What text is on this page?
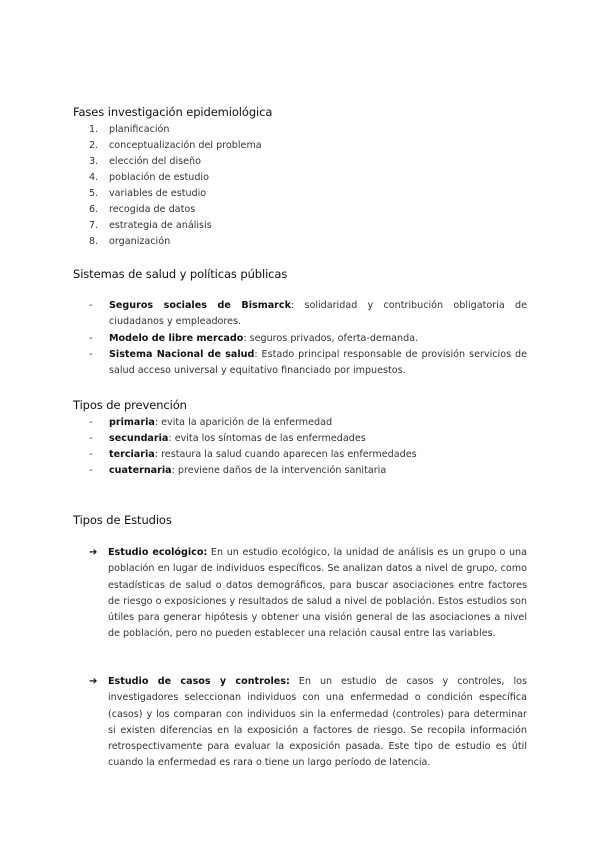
Fases investigación epidemiológica
1.	planificación
2.	conceptualización del problema
3.	elección del diseño
4.	población de estudio
5.	variables de estudio
6.	recogida de datos
7.	estrategia de análisis
8.	organización
Sistemas de salud y políticas públicas
- Seguros sociales de Bismarck: solidaridad y contribución obligatoria de ciudadanos y empleadores.
- Modelo de libre mercado: seguros privados, oferta-demanda.
- Sistema Nacional de salud: Estado principal responsable de provisión servicios de salud acceso universal y equitativo financiado por impuestos.
Tipos de prevención
- primaria: evita la aparición de la enfermedad
- secundaria: evita los síntomas de las enfermedades
- terciaria: restaura la salud cuando aparecen las enfermedades
- cuaternaria: previene daños de la intervención sanitaria
Tipos de Estudios
➔ Estudio ecológico: En un estudio ecológico, la unidad de análisis es un grupo o una población en lugar de individuos específicos. Se analizan datos a nivel de grupo, como estadísticas de salud o datos demográficos, para buscar asociaciones entre factores de riesgo o exposiciones y resultados de salud a nivel de población. Estos estudios son útiles para generar hipótesis y obtener una visión general de las asociaciones a nivel de población, pero no pueden establecer una relación causal entre las variables.
➔ Estudio de casos y controles: En un estudio de casos y controles, los investigadores seleccionan individuos con una enfermedad o condición específica (casos) y los comparan con individuos sin la enfermedad (controles) para determinar si existen diferencias en la exposición a factores de riesgo. Se recopila información retrospectivamente para evaluar la exposición pasada. Este tipo de estudio es útil cuando la enfermedad es rara o tiene un largo período de latencia.
